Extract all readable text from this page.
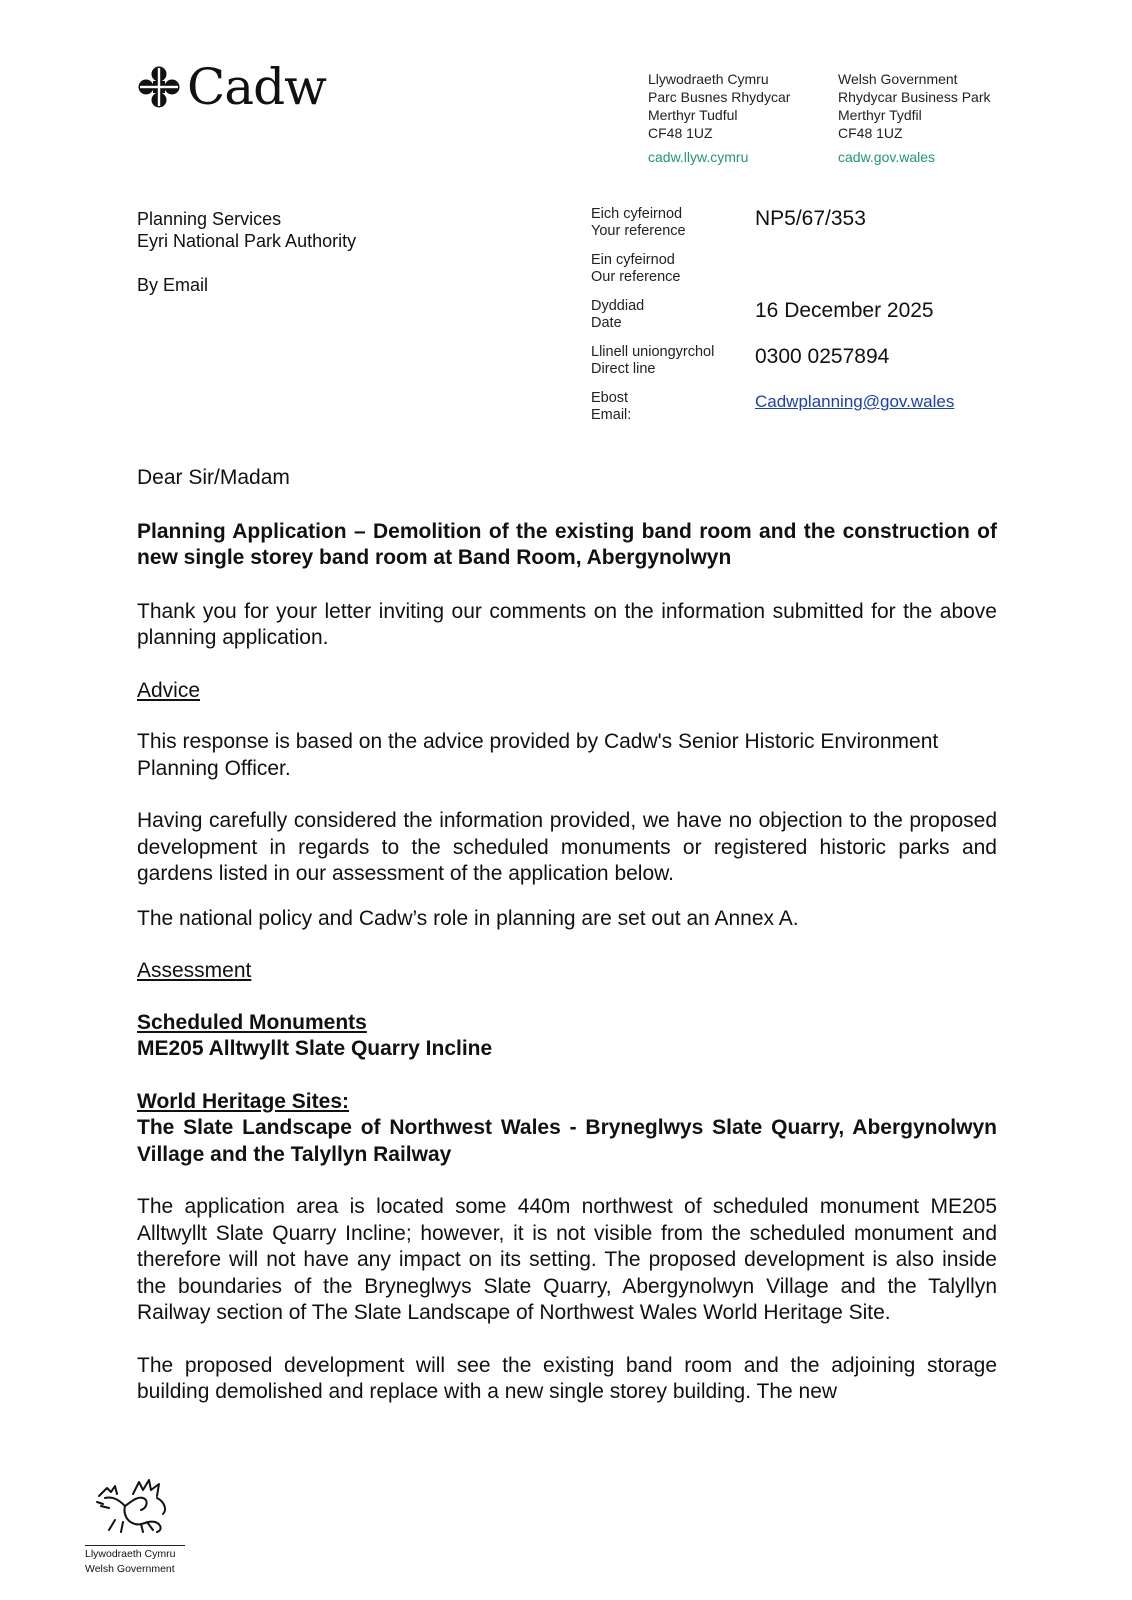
Cadw	Llywodraeth Cymru
Parc Busnes Rhydycar
Merthyr Tudful
CF48 1UZ
cadw.llyw.cymru
Welsh Government
Rhydycar Business Park
Merthyr Tydfil
CF48 1UZ
cadw.gov.wales
Planning Services
Eyri National Park Authority
By Email
Eich cyfeirnod
Your reference
NP5/67/353
Ein cyfeirnod
Our reference
Dyddiad
Date
16 December 2025
Llinell uniongyrchol
Direct line
0300 0257894
Ebost
Email:
Cadwplanning@gov.wales

Dear Sir/Madam

Planning Application – Demolition of the existing band room and the construction of new single storey band room at Band Room, Abergynolwyn

Thank you for your letter inviting our comments on the information submitted for the above planning application.

Advice

This response is based on the advice provided by Cadw's Senior Historic Environment Planning Officer.

Having carefully considered the information provided, we have no objection to the proposed development in regards to the scheduled monuments or registered historic parks and gardens listed in our assessment of the application below.

The national policy and Cadw’s role in planning are set out an Annex A.

Assessment

Scheduled Monuments

ME205 Alltwyllt Slate Quarry Incline

World Heritage Sites:

The Slate Landscape of Northwest Wales - Bryneglwys Slate Quarry, Abergynolwyn Village and the Talyllyn Railway

The application area is located some 440m northwest of scheduled monument ME205 Alltwyllt Slate Quarry Incline; however, it is not visible from the scheduled monument and therefore will not have any impact on its setting. The proposed development is also inside the boundaries of the Bryneglwys Slate Quarry, Abergynolwyn Village and the Talyllyn Railway section of The Slate Landscape of Northwest Wales World Heritage Site.

The proposed development will see the existing band room and the adjoining storage building demolished and replace with a new single storey building. The new

Llywodraeth Cymru
Welsh Government
